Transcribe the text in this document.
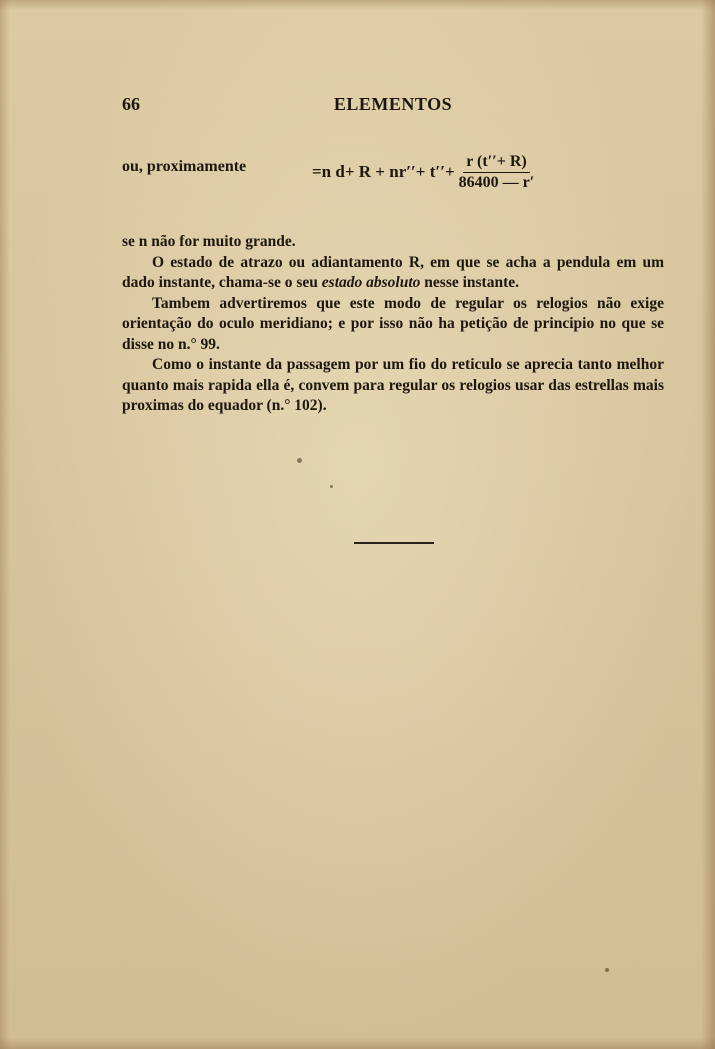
66	ELEMENTOS
ou, proximamente	=n $d+ R + nr''+ t''+ \frac{r (t''+ R)}{86400 — r'}$

se n não for muito grande.

O estado de atrazo ou adiantamento R, em que se acha a pendula em um dado instante, chama-se o seu estado absoluto nesse instante.

Tambem advertiremos que este modo de regular os relogios não exige orientação do oculo meridiano; e por isso não ha petição de principio no que se disse no n.° 99.

Como o instante da passagem por um fio do reticulo se aprecia tanto melhor quanto mais rapida ella é, convem para regular os relogios usar das estrellas mais proximas do equador (n.° 102).
